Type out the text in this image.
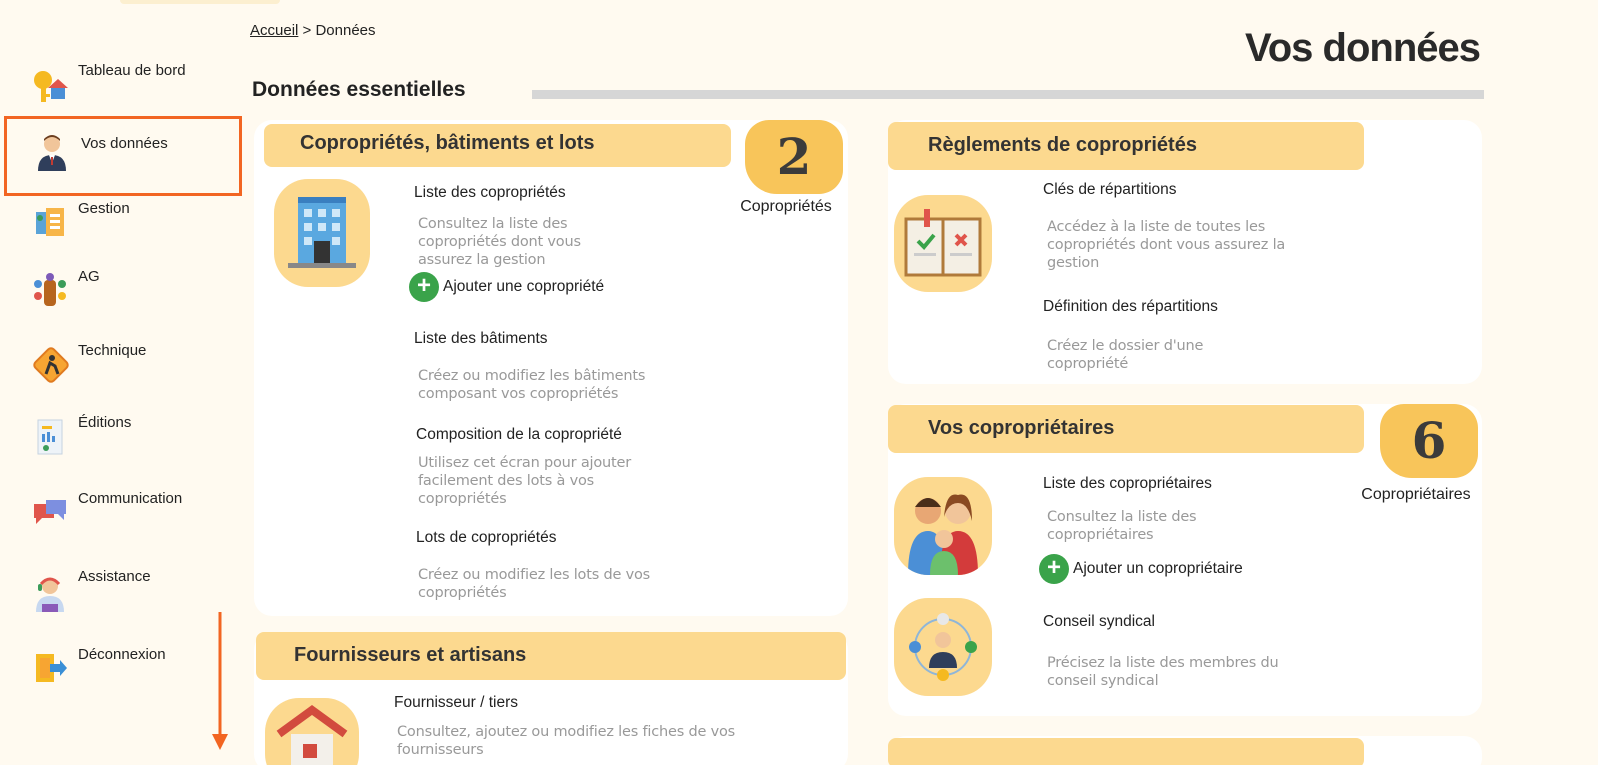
Tableau de bord
Vos données
Gestion
AG
Technique
Éditions
Communication
Assistance
Déconnexion
Accueil > Données	Vos données
Données essentielles
Copropriétés, bâtiments et lots	2
Copropriétés
Liste des copropriétés
Consultez la liste des copropriétés dont vous assurez la gestion
+ Ajouter une copropriété
Liste des bâtiments
Créez ou modifiez les bâtiments composant vos copropriétés
Composition de la copropriété
Utilisez cet écran pour ajouter facilement des lots à vos copropriétés
Lots de copropriétés
Créez ou modifiez les lots de vos copropriétés
Fournisseurs et artisans
Fournisseur / tiers
Consultez, ajoutez ou modifiez les fiches de vos fournisseurs
Règlements de copropriétés
Clés de répartitions
Accédez à la liste de toutes les copropriétés dont vous assurez la gestion
Définition des répartitions
Créez le dossier d'une copropriété
Vos copropriétaires	6
Copropriétaires
Liste des copropriétaires
Consultez la liste des copropriétaires
+ Ajouter un copropriétaire
Conseil syndical
Précisez la liste des membres du conseil syndical
